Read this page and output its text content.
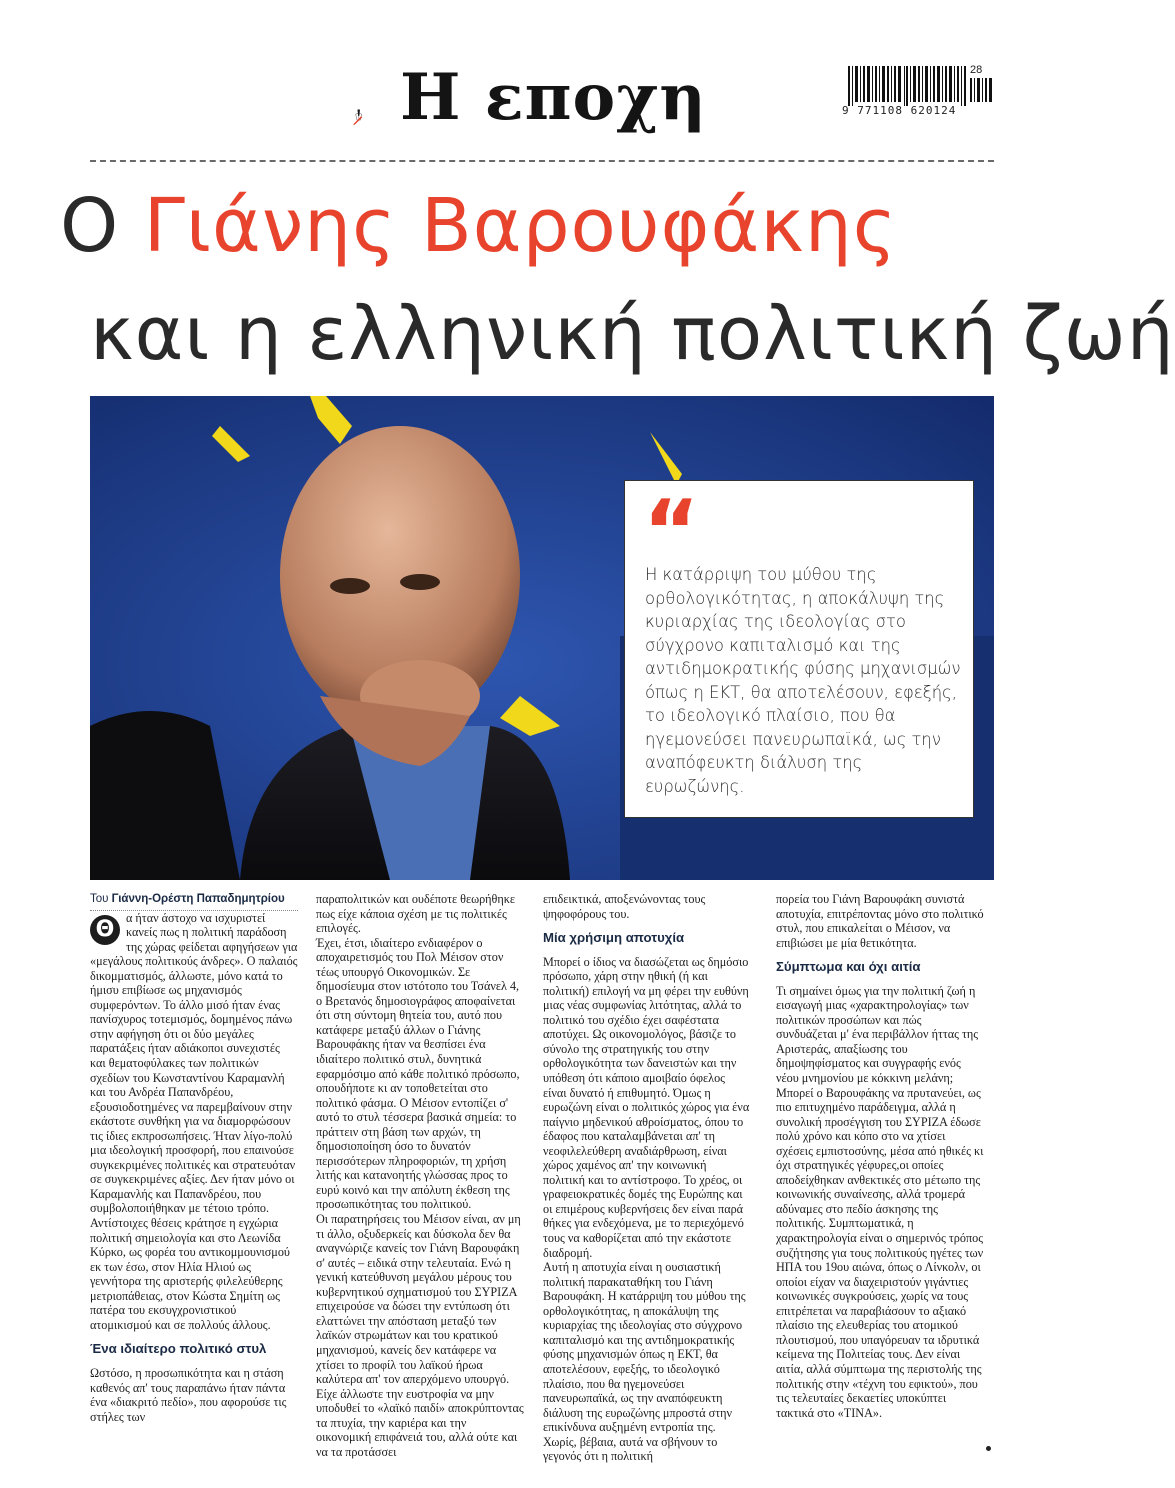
Η εποχη	9 771108 620124
28
Ο Γιάνης Βαρουφάκης
και η ελληνική πολιτική ζωή
“
Η κατάρριψη του μύθου της ορθολογικότητας, η αποκάλυψη της κυριαρχίας της ιδεολογίας στο σύγχρονο καπιταλισμό και της αντιδημοκρατικής φύσης μηχανισμών όπως η ΕΚΤ, θα αποτελέσουν, εφεξής, το ιδεολογικό πλαίσιο, που θα ηγεμονεύσει πανευρωπαϊκά, ως την αναπόφευκτη διάλυση της ευρωζώνης.

Του Γιάννη-Ορέστη Παπαδημητρίου

Θ α ήταν άστοχο να ισχυριστεί κανείς πως η πολιτική παράδοση της χώρας φείδεται αφηγήσεων για «μεγάλους πολιτικούς άνδρες». Ο παλαιός δικομματισμός, άλλωστε, μόνο κατά το ήμισυ επιβίωσε ως μηχανισμός συμφερόντων. Το άλλο μισό ήταν ένας πανίσχυρος τοτεμισμός, δομημένος πάνω στην αφήγηση ότι οι δύο μεγάλες παρατάξεις ήταν αδιάκοποι συνεχιστές και θεματοφύλακες των πολιτικών σχεδίων του Κωνσταντίνου Καραμανλή και του Ανδρέα Παπανδρέου, εξουσιοδοτημένες να παρεμβαίνουν στην εκάστοτε συνθήκη για να διαμορφώσουν τις ίδιες εκπροσωπήσεις. Ήταν λίγο-πολύ μια ιδεολογική προσφορή, που επαινούσε συγκεκριμένες πολιτικές και στρατευόταν σε συγκεκριμένες αξίες. Δεν ήταν μόνο οι Καραμανλής και Παπανδρέου, που συμβολοποιήθηκαν με τέτοιο τρόπο. Αντίστοιχες θέσεις κράτησε η εγχώρια πολιτική σημειολογία και στο Λεωνίδα Κύρκο, ως φορέα του αντικομμουνισμού εκ των έσω, στον Ηλία Ηλιού ως γεννήτορα της αριστερής φιλελεύθερης μετριοπάθειας, στον Κώστα Σημίτη ως πατέρα του εκσυγχρονιστικού ατομικισμού και σε πολλούς άλλους.

Ένα ιδιαίτερο πολιτικό στυλ

Ωστόσο, η προσωπικότητα και η στάση καθενός απ' τους παραπάνω ήταν πάντα ένα «διακριτό πεδίο», που αφορούσε τις στήλες των

παραπολιτικών και ουδέποτε θεωρήθηκε πως είχε κάποια σχέση με τις πολιτικές επιλογές.

Έχει, έτσι, ιδιαίτερο ενδιαφέρον ο αποχαιρετισμός του Πολ Μέισον στον τέως υπουργό Οικονομικών. Σε δημοσίευμα στον ιστότοπο του Τσάνελ 4, ο Βρετανός δημοσιογράφος αποφαίνεται ότι στη σύντομη θητεία του, αυτό που κατάφερε μεταξύ άλλων ο Γιάνης Βαρουφάκης ήταν να θεσπίσει ένα ιδιαίτερο πολιτικό στυλ, δυνητικά εφαρμόσιμο από κάθε πολιτικό πρόσωπο, οπουδήποτε κι αν τοποθετείται στο πολιτικό φάσμα. Ο Μέισον εντοπίζει σ' αυτό το στυλ τέσσερα βασικά σημεία: το πράττειν στη βάση των αρχών, τη δημοσιοποίηση όσο το δυνατόν περισσότερων πληροφοριών, τη χρήση λιτής και κατανοητής γλώσσας προς το ευρύ κοινό και την απόλυτη έκθεση της προσωπικότητας του πολιτικού.

Οι παρατηρήσεις του Μέισον είναι, αν μη τι άλλο, οξυδερκείς και δύσκολα δεν θα αναγνώριζε κανείς τον Γιάνη Βαρουφάκη σ' αυτές – ειδικά στην τελευταία. Ενώ η γενική κατεύθυνση μεγάλου μέρους του κυβερνητικού σχηματισμού του ΣΥΡΙΖΑ επιχειρούσε να δώσει την εντύπωση ότι ελαττώνει την απόσταση μεταξύ των λαϊκών στρωμάτων και του κρατικού μηχανισμού, κανείς δεν κατάφερε να χτίσει το προφίλ του λαϊκού ήρωα καλύτερα απ' τον απερχόμενο υπουργό. Είχε άλλωστε την ευστροφία να μην υποδυθεί το «λαϊκό παιδί» αποκρύπτοντας τα πτυχία, την καριέρα και την οικονομική επιφάνειά του, αλλά ούτε και να τα προτάσσει

επιδεικτικά, αποξενώνοντας τους ψηφοφόρους του.

Μία χρήσιμη αποτυχία

Μπορεί ο ίδιος να διασώζεται ως δημόσιο πρόσωπο, χάρη στην ηθική (ή και πολιτική) επιλογή να μη φέρει την ευθύνη μιας νέας συμφωνίας λιτότητας, αλλά το πολιτικό του σχέδιο έχει σαφέστατα αποτύχει. Ως οικονομολόγος, βάσιζε το σύνολο της στρατηγικής του στην ορθολογικότητα των δανειστών και την υπόθεση ότι κάποιο αμοιβαίο όφελος είναι δυνατό ή επιθυμητό. Όμως η ευρωζώνη είναι ο πολιτικός χώρος για ένα παίγνιο μηδενικού αθροίσματος, όπου το έδαφος που καταλαμβάνεται απ' τη νεοφιλελεύθερη αναδιάρθρωση, είναι χώρος χαμένος απ' την κοινωνική πολιτική και το αντίστροφο. Το χρέος, οι γραφειοκρατικές δομές της Ευρώπης και οι επιμέρους κυβερνήσεις δεν είναι παρά θήκες για ενδεχόμενα, με το περιεχόμενό τους να καθορίζεται από την εκάστοτε διαδρομή.

Αυτή η αποτυχία είναι η ουσιαστική πολιτική παρακαταθήκη του Γιάνη Βαρουφάκη. Η κατάρριψη του μύθου της ορθολογικότητας, η αποκάλυψη της κυριαρχίας της ιδεολογίας στο σύγχρονο καπιταλισμό και της αντιδημοκρατικής φύσης μηχανισμών όπως η ΕΚΤ, θα αποτελέσουν, εφεξής, το ιδεολογικό πλαίσιο, που θα ηγεμονεύσει πανευρωπαϊκά, ως την αναπόφευκτη διάλυση της ευρωζώνης μπροστά στην επικίνδυνα αυξημένη εντροπία της. Χωρίς, βέβαια, αυτά να σβήνουν το γεγονός ότι η πολιτική

πορεία του Γιάνη Βαρουφάκη συνιστά αποτυχία, επιτρέποντας μόνο στο πολιτικό στυλ, που επικαλείται ο Μέισον, να επιβιώσει με μία θετικότητα.

Σύμπτωμα και όχι αιτία

Τι σημαίνει όμως για την πολιτική ζωή η εισαγωγή μιας «χαρακτηρολογίας» των πολιτικών προσώπων και πώς συνδυάζεται μ' ένα περιβάλλον ήττας της Αριστεράς, απαξίωσης του δημοψηφίσματος και συγγραφής ενός νέου μνημονίου με κόκκινη μελάνη; Μπορεί ο Βαρουφάκης να πρυτανεύει, ως πιο επιτυχημένο παράδειγμα, αλλά η συνολική προσέγγιση του ΣΥΡΙΖΑ έδωσε πολύ χρόνο και κόπο στο να χτίσει σχέσεις εμπιστοσύνης, μέσα από ηθικές κι όχι στρατηγικές γέφυρες,οι οποίες αποδείχθηκαν ανθεκτικές στο μέτωπο της κοινωνικής συναίνεσης, αλλά τρομερά αδύναμες στο πεδίο άσκησης της πολιτικής. Συμπτωματικά, η χαρακτηρολογία είναι ο σημερινός τρόπος συζήτησης για τους πολιτικούς ηγέτες των ΗΠΑ του 19ου αιώνα, όπως ο Λίνκολν, οι οποίοι είχαν να διαχειριστούν γιγάντιες κοινωνικές συγκρούσεις, χωρίς να τους επιτρέπεται να παραβιάσουν το αξιακό πλαίσιο της ελευθερίας του ατομικού πλουτισμού, που υπαγόρευαν τα ιδρυτικά κείμενα της Πολιτείας τους. Δεν είναι αιτία, αλλά σύμπτωμα της περιστολής της πολιτικής στην «τέχνη του εφικτού», που τις τελευταίες δεκαετίες υποκύπτει τακτικά στο «TINA».
